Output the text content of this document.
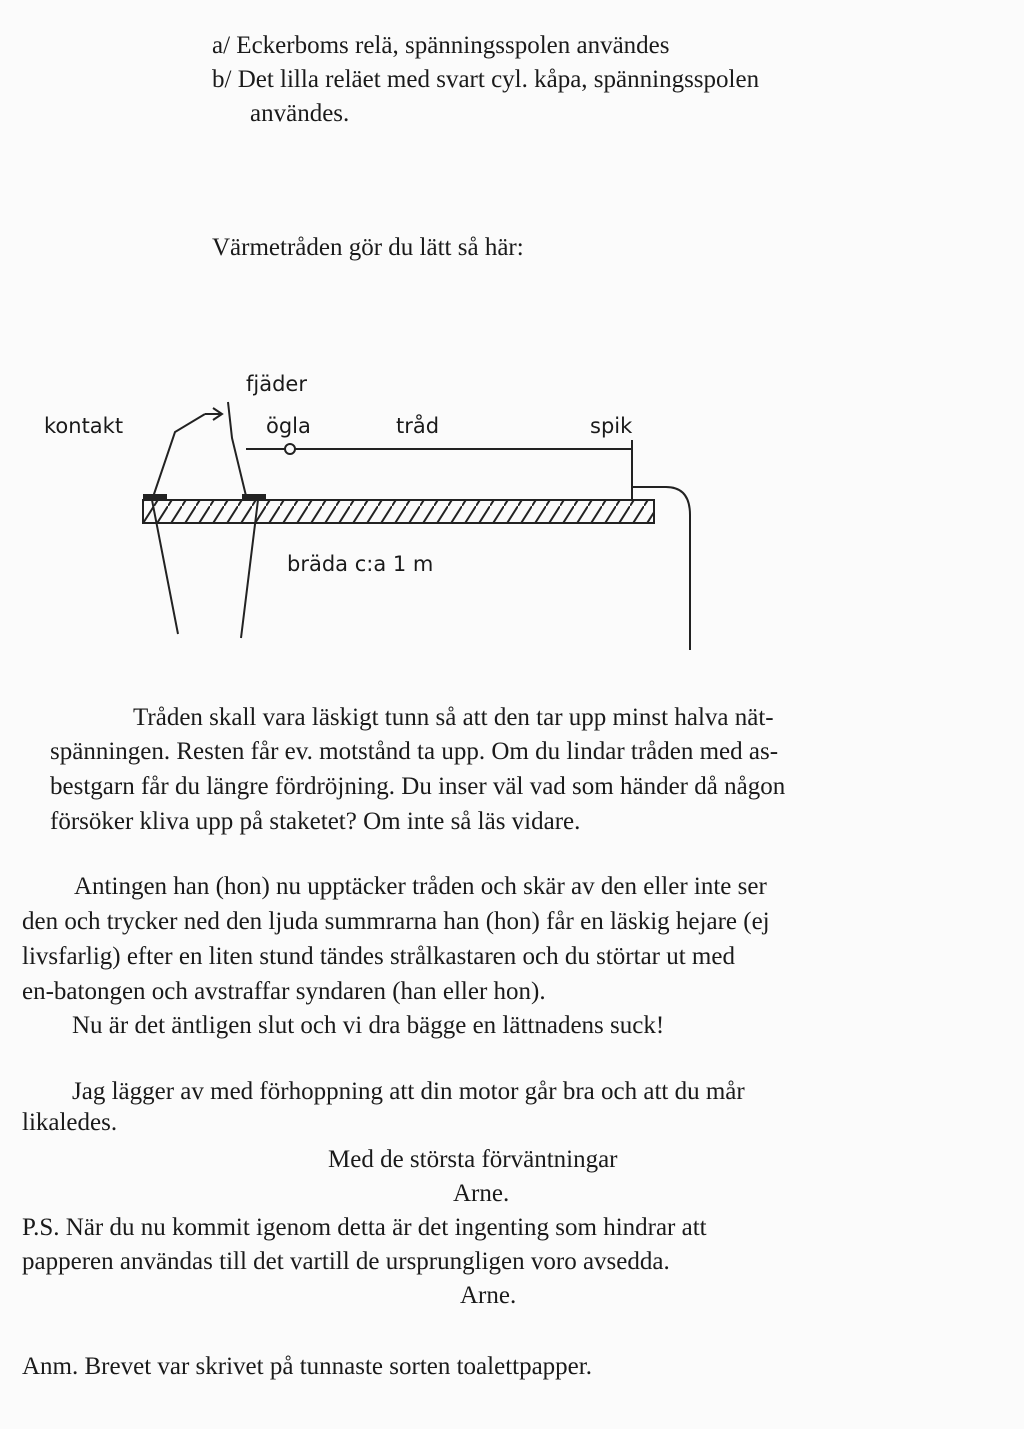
a/ Eckerboms relä, spänningsspolen användes
b/ Det lilla reläet med svart cyl. kåpa, spänningsspolen
användes.
Värmetråden gör du lätt så här:
fjäder
kontakt	ögla	tråd	spik
bräda c:a 1 m
Tråden skall vara läskigt tunn så att den tar upp minst halva nät-
spänningen. Resten får ev. motstånd ta upp. Om du lindar tråden med as-
bestgarn får du längre fördröjning. Du inser väl vad som händer då någon
försöker kliva upp på staketet? Om inte så läs vidare.
Antingen han (hon) nu upptäcker tråden och skär av den eller inte ser
den och trycker ned den ljuda summrarna han (hon) får en läskig hejare (ej
livsfarlig) efter en liten stund tändes strålkastaren och du störtar ut med
en-batongen och avstraffar syndaren (han eller hon).
Nu är det äntligen slut och vi dra bägge en lättnadens suck!
Jag lägger av med förhoppning att din motor går bra och att du mår
likaledes.
Med de största förväntningar
Arne.
P.S. När du nu kommit igenom detta är det ingenting som hindrar att
papperen användas till det vartill de ursprungligen voro avsedda.
Arne.
Anm. Brevet var skrivet på tunnaste sorten toalettpapper.
